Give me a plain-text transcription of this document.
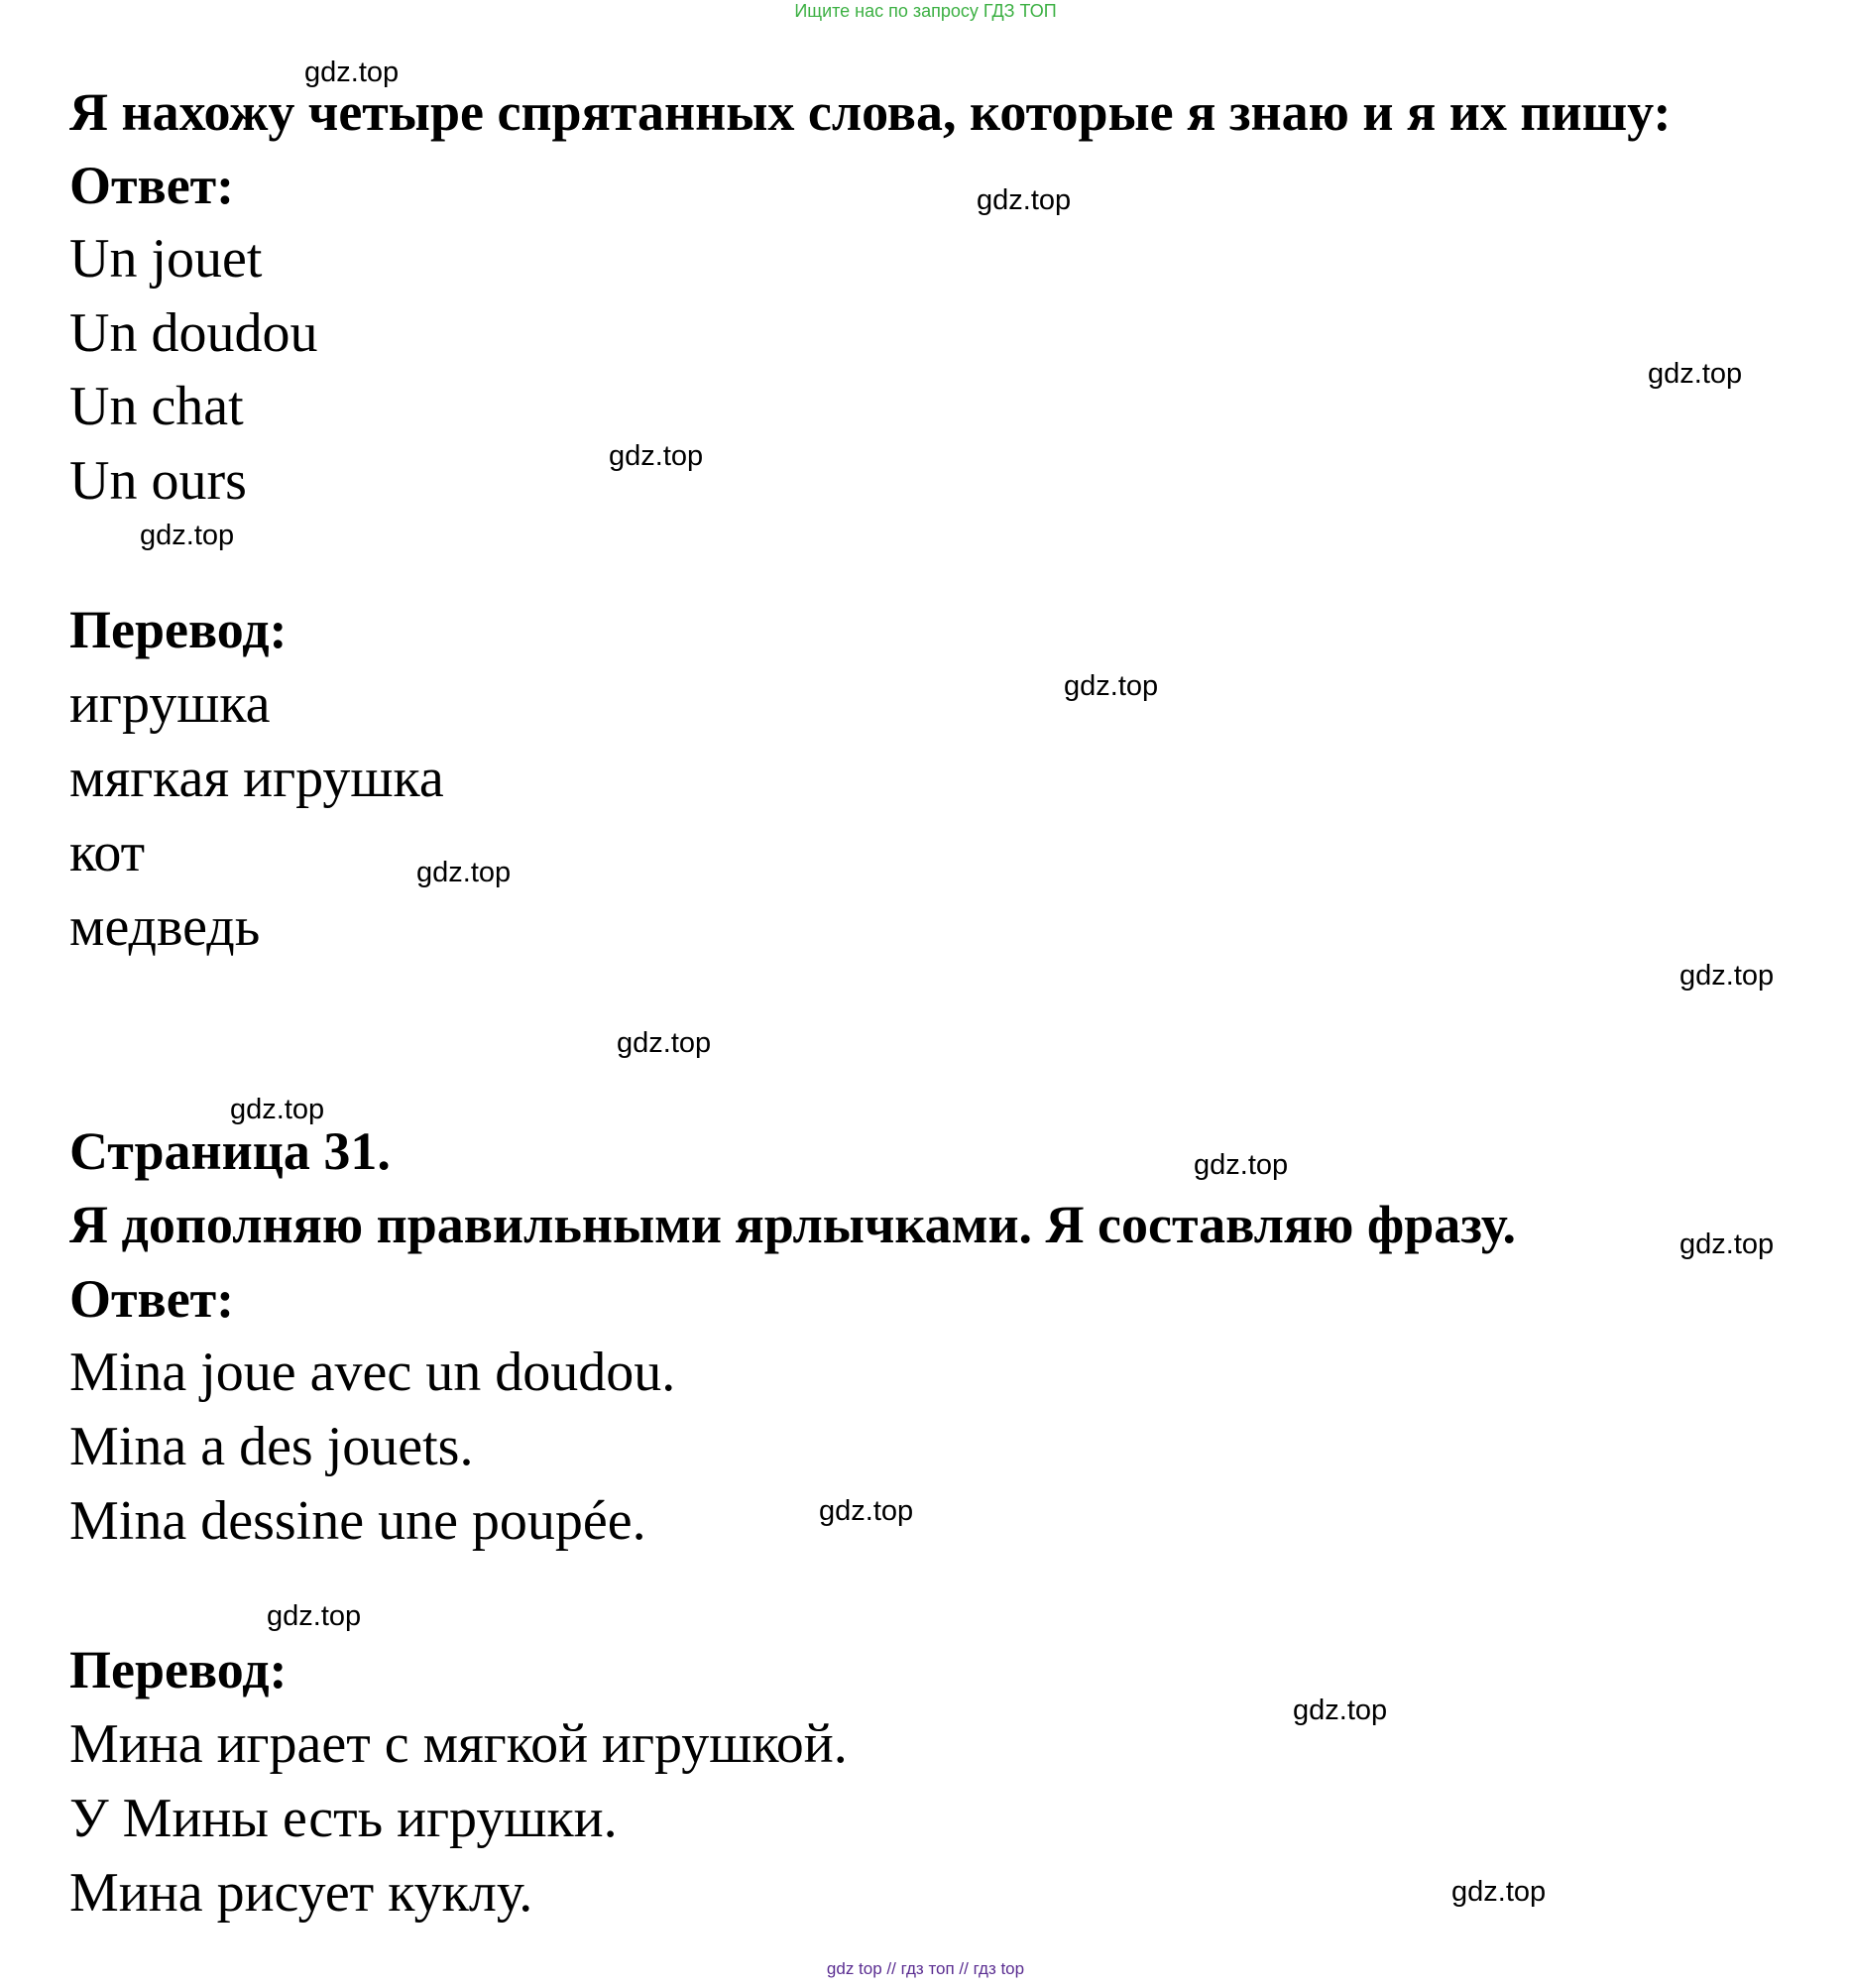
Ищите нас по запросу ГДЗ ТОП
Я нахожу четыре спрятанных слова, которые я знаю и я их пишу:
Ответ:
Un jouet
Un doudou
Un chat
Un ours
Перевод:
игрушка
мягкая игрушка
кот
медведь
Страница 31.
Я дополняю правильными ярлычками. Я составляю фразу.
Ответ:
Mina joue avec un doudou.
Mina a des jouets.
Mina dessine une poupée.
Перевод:
Мина играет с мягкой игрушкой.
У Мины есть игрушки.
Мина рисует куклу.
gdz.top
gdz.top
gdz.top
gdz.top
gdz.top
gdz.top
gdz.top
gdz.top
gdz.top
gdz.top
gdz.top
gdz.top
gdz.top
gdz.top
gdz.top
gdz.top
gdz top // гдз топ // гдз top
